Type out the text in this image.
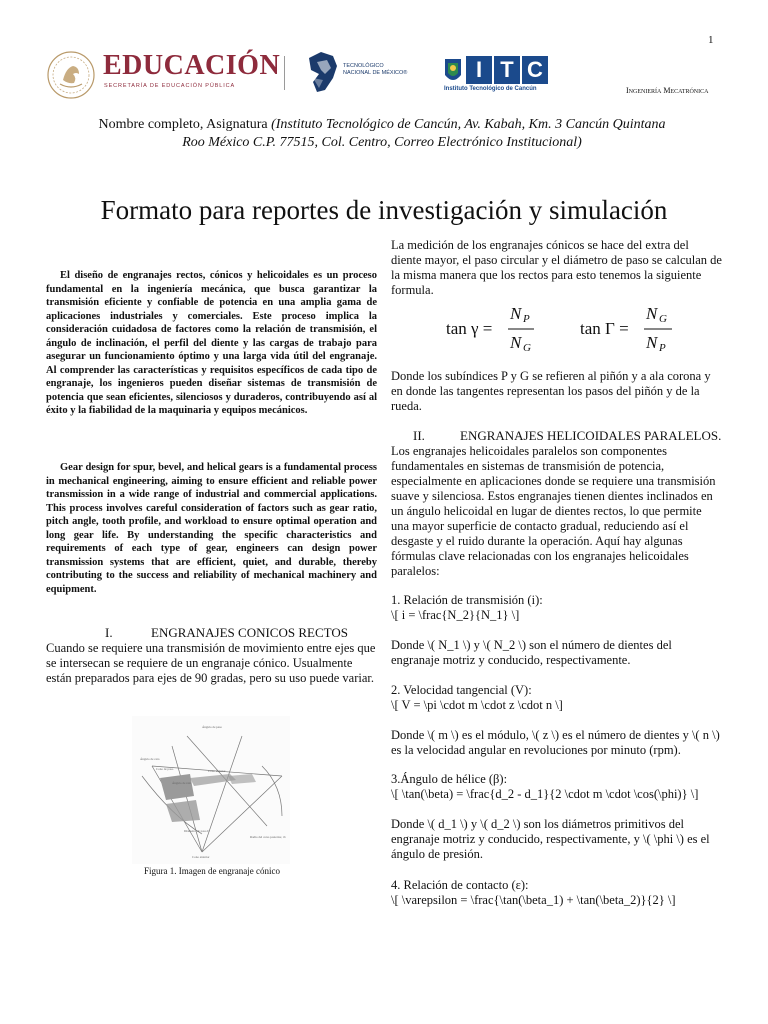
1
EDUCACIÓN
SECRETARÍA DE EDUCACIÓN PÚBLICA
TECNOLÓGICO
NACIONAL DE MÉXICO®	I T C
Instituto Tecnológico de Cancún	Ingeniería Mecatrónica
Nombre completo, Asignatura (Instituto Tecnológico de Cancún, Av. Kabah, Km. 3 Cancún Quintana
Roo México C.P. 77515, Col. Centro, Correo Electrónico Institucional)
Formato para reportes de investigación y simulación

El diseño de engranajes rectos, cónicos y helicoidales es un proceso fundamental en la ingeniería mecánica, que busca garantizar la transmisión eficiente y confiable de potencia en una amplia gama de aplicaciones industriales y comerciales. Este proceso implica la consideración cuidadosa de factores como la relación de transmisión, el ángulo de inclinación, el perfil del diente y las cargas de trabajo para asegurar un funcionamiento óptimo y una larga vida útil del engranaje. Al comprender las características y requisitos específicos de cada tipo de engranaje, los ingenieros pueden diseñar sistemas de transmisión de potencia que sean eficientes, silenciosos y duraderos, contribuyendo así al éxito y la fiabilidad de la maquinaria y equipos mecánicos.

Gear design for spur, bevel, and helical gears is a fundamental process in mechanical engineering, aiming to ensure efficient and reliable power transmission in a wide range of industrial and commercial applications. This process involves careful consideration of factors such as gear ratio, pitch angle, tooth profile, and workload to ensure optimal operation and long gear life. By understanding the specific characteristics and requirements of each type of gear, engineers can design power transmission systems that are efficient, quiet, and durable, thereby contributing to the success and reliability of mechanical machinery and equipment.

I.	ENGRANAJES CONICOS RECTOS

Cuando se requiere una transmisión de movimiento entre ejes que se intersecan se requiere de un engranaje cónico. Usualmente están preparados para ejes de 90 gradas, pero su uso puede variar.

Ángulo de paso
Ángulo de cara
Cono de paso
Ángulo de raíz
Cono anterior
Diámetro de paso D
Radio del cono posterior, rb
Cono anterior
Figura 1. Imagen de engranaje cónico

La medición de los engranajes cónicos se hace del extra del diente mayor, el paso circular y el diámetro de paso se calculan de la misma manera que los rectos para esto tenemos la siguiente formula.

tan γ =
N P
N G
tan Γ =
N G
N P

Donde los subíndices P y G se refieren al piñón y a ala corona y en donde las tangentes representan los pasos del piñón y de la rueda.

II.	ENGRANAJES HELICOIDALES PARALELOS.

Los engranajes helicoidales paralelos son componentes fundamentales en sistemas de transmisión de potencia, especialmente en aplicaciones donde se requiere una transmisión suave y silenciosa. Estos engranajes tienen dientes inclinados en un ángulo helicoidal en lugar de dientes rectos, lo que permite una mayor superficie de contacto gradual, reduciendo así el desgaste y el ruido durante la operación. Aquí hay algunas fórmulas clave relacionadas con los engranajes helicoidales paralelos:

1. Relación de transmisión (i):

\[ i = \frac{N_2}{N_1} \]

Donde \( N_1 \) y \( N_2 \) son el número de dientes del engranaje motriz y conducido, respectivamente.

2. Velocidad tangencial (V):

\[ V = \pi \cdot m \cdot z \cdot n \]

Donde \( m \) es el módulo, \( z \) es el número de dientes y \( n \) es la velocidad angular en revoluciones por minuto (rpm).

3.Ángulo de hélice (β):

\[ \tan(\beta) = \frac{d_2 - d_1}{2 \cdot m \cdot \cos(\phi)} \]

Donde \( d_1 \) y \( d_2 \) son los diámetros primitivos del engranaje motriz y conducido, respectivamente, y \( \phi \) es el ángulo de presión.

4. Relación de contacto (ε):

\[ \varepsilon = \frac{\tan(\beta_1) + \tan(\beta_2)}{2} \]
